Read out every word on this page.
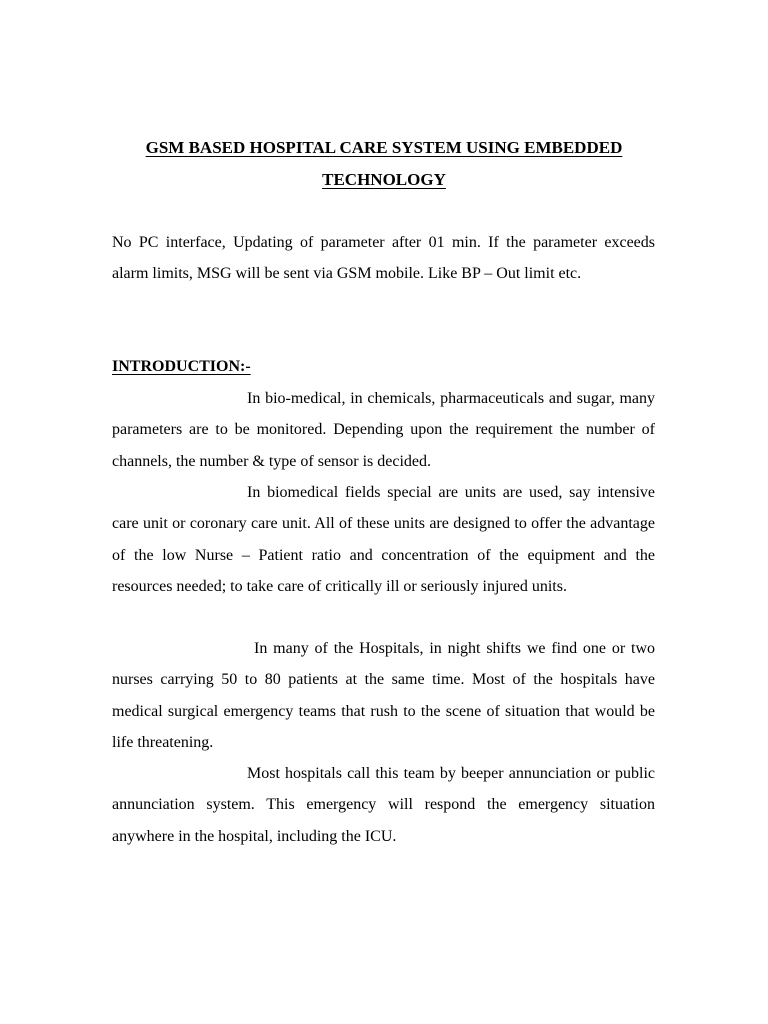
GSM BASED HOSPITAL CARE SYSTEM USING EMBEDDED TECHNOLOGY

No PC interface, Updating of parameter after 01 min. If the parameter exceeds alarm limits, MSG will be sent via GSM mobile. Like BP – Out limit etc.

INTRODUCTION:-

In bio-medical, in chemicals, pharmaceuticals and sugar, many parameters are to be monitored. Depending upon the requirement the number of channels, the number & type of sensor is decided.

In biomedical fields special are units are used, say intensive care unit or coronary care unit. All of these units are designed to offer the advantage of the low Nurse – Patient ratio and concentration of the equipment and the resources needed; to take care of critically ill or seriously injured units.

In many of the Hospitals, in night shifts we find one or two nurses carrying 50 to 80 patients at the same time. Most of the hospitals have medical surgical emergency teams that rush to the scene of situation that would be life threatening.

Most hospitals call this team by beeper annunciation or public annunciation system. This emergency will respond the emergency situation anywhere in the hospital, including the ICU.
